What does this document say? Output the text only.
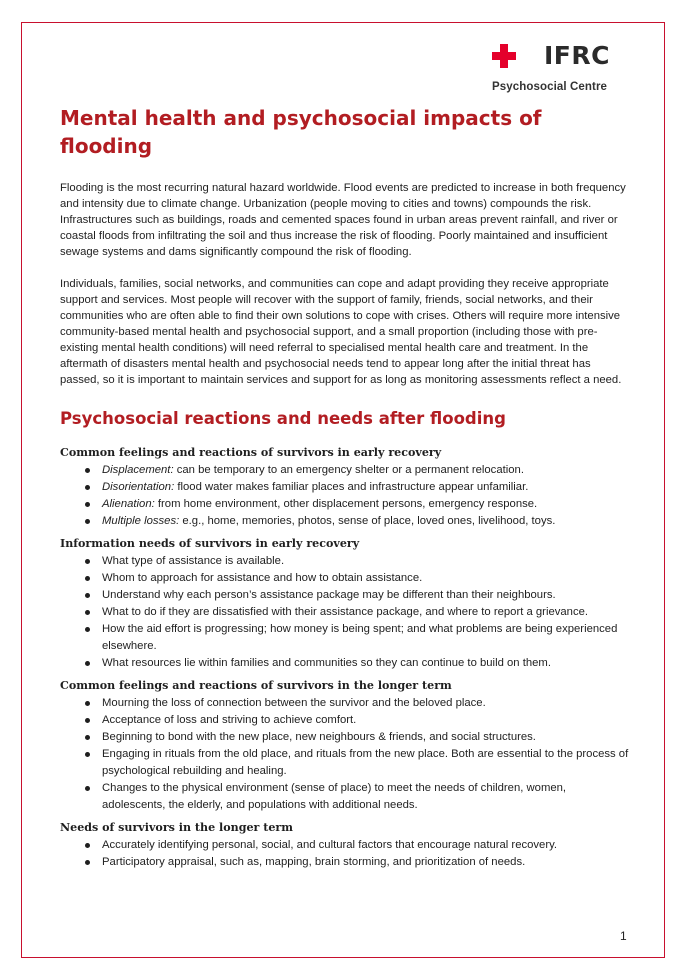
IFRC
Psychosocial Centre
Mental health and psychosocial impacts of flooding

Flooding is the most recurring natural hazard worldwide. Flood events are predicted to increase in both frequency and intensity due to climate change. Urbanization (people moving to cities and towns) compounds the risk. Infrastructures such as buildings, roads and cemented spaces found in urban areas prevent rainfall, and river or coastal floods from infiltrating the soil and thus increase the risk of flooding. Poorly maintained and insufficient sewage systems and dams significantly compound the risk of flooding.

Individuals, families, social networks, and communities can cope and adapt providing they receive appropriate support and services. Most people will recover with the support of family, friends, social networks, and their communities who are often able to find their own solutions to cope with crises. Others will require more intensive community-based mental health and psychosocial support, and a small proportion (including those with pre-existing mental health conditions) will need referral to specialised mental health care and treatment. In the aftermath of disasters mental health and psychosocial needs tend to appear long after the initial threat has passed, so it is important to maintain services and support for as long as monitoring assessments reflect a need.

Psychosocial reactions and needs after flooding
Common feelings and reactions of survivors in early recovery
Displacement: can be temporary to an emergency shelter or a permanent relocation.
Disorientation: flood water makes familiar places and infrastructure appear unfamiliar.
Alienation: from home environment, other displacement persons, emergency response.
Multiple losses: e.g., home, memories, photos, sense of place, loved ones, livelihood, toys.
Information needs of survivors in early recovery
What type of assistance is available.
Whom to approach for assistance and how to obtain assistance.
Understand why each person’s assistance package may be different than their neighbours.
What to do if they are dissatisfied with their assistance package, and where to report a grievance.
How the aid effort is progressing; how money is being spent; and what problems are being experienced elsewhere.
What resources lie within families and communities so they can continue to build on them.
Common feelings and reactions of survivors in the longer term
Mourning the loss of connection between the survivor and the beloved place.
Acceptance of loss and striving to achieve comfort.
Beginning to bond with the new place, new neighbours & friends, and social structures.
Engaging in rituals from the old place, and rituals from the new place. Both are essential to the process of psychological rebuilding and healing.
Changes to the physical environment (sense of place) to meet the needs of children, women, adolescents, the elderly, and populations with additional needs.
Needs of survivors in the longer term
Accurately identifying personal, social, and cultural factors that encourage natural recovery.
Participatory appraisal, such as, mapping, brain storming, and prioritization of needs.
1
